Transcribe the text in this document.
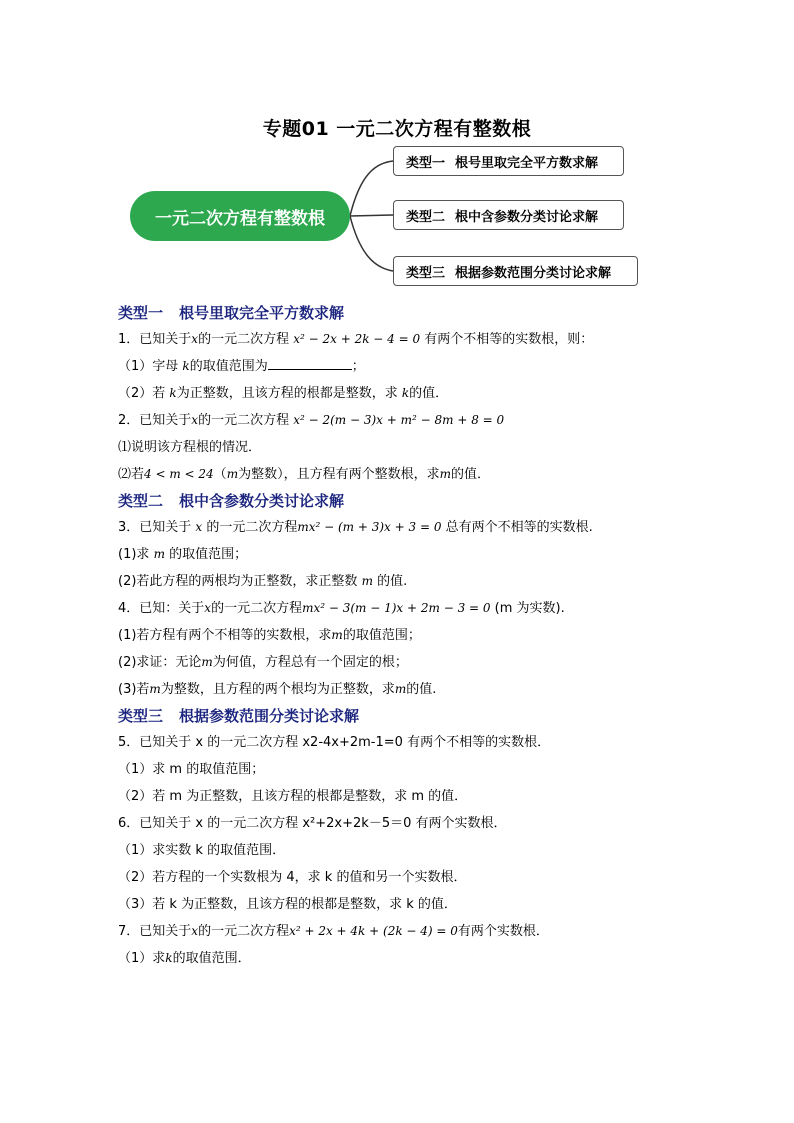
专题01 一元二次方程有整数根
一元二次方程有整数根
类型一 根号里取完全平方数求解
类型二 根中含参数分类讨论求解
类型三 根据参数范围分类讨论求解
类型一 根号里取完全平方数求解
1．已知关于x的一元二次方程 x² − 2x + 2k − 4 = 0 有两个不相等的实数根，则：
（1）字母 k的取值范围为	；
（2）若 k为正整数，且该方程的根都是整数，求 k的值．
2．已知关于x的一元二次方程 x² − 2(m − 3)x + m² − 8m + 8 = 0
⑴说明该方程根的情况．
⑵若4 < m < 24（m为整数），且方程有两个整数根，求m的值．
类型二 根中含参数分类讨论求解
3．已知关于 x 的一元二次方程mx² − (m + 3)x + 3 = 0 总有两个不相等的实数根.
(1)求 m 的取值范围；
(2)若此方程的两根均为正整数，求正整数 m 的值.
4．已知：关于x的一元二次方程mx² − 3(m − 1)x + 2m − 3 = 0 (m 为实数).
(1)若方程有两个不相等的实数根，求m的取值范围；
(2)求证：无论m为何值，方程总有一个固定的根；
(3)若m为整数，且方程的两个根均为正整数，求m的值.
类型三 根据参数范围分类讨论求解
5．已知关于 x 的一元二次方程 x2-4x+2m-1=0 有两个不相等的实数根．
（1）求 m 的取值范围；
（2）若 m 为正整数，且该方程的根都是整数，求 m 的值．
6．已知关于 x 的一元二次方程 x²+2x+2k－5＝0 有两个实数根．
（1）求实数 k 的取值范围．
（2）若方程的一个实数根为 4，求 k 的值和另一个实数根．
（3）若 k 为正整数，且该方程的根都是整数，求 k 的值．
7．已知关于x的一元二次方程x² + 2x + 4k + (2k − 4) = 0有两个实数根．
（1）求k的取值范围．
